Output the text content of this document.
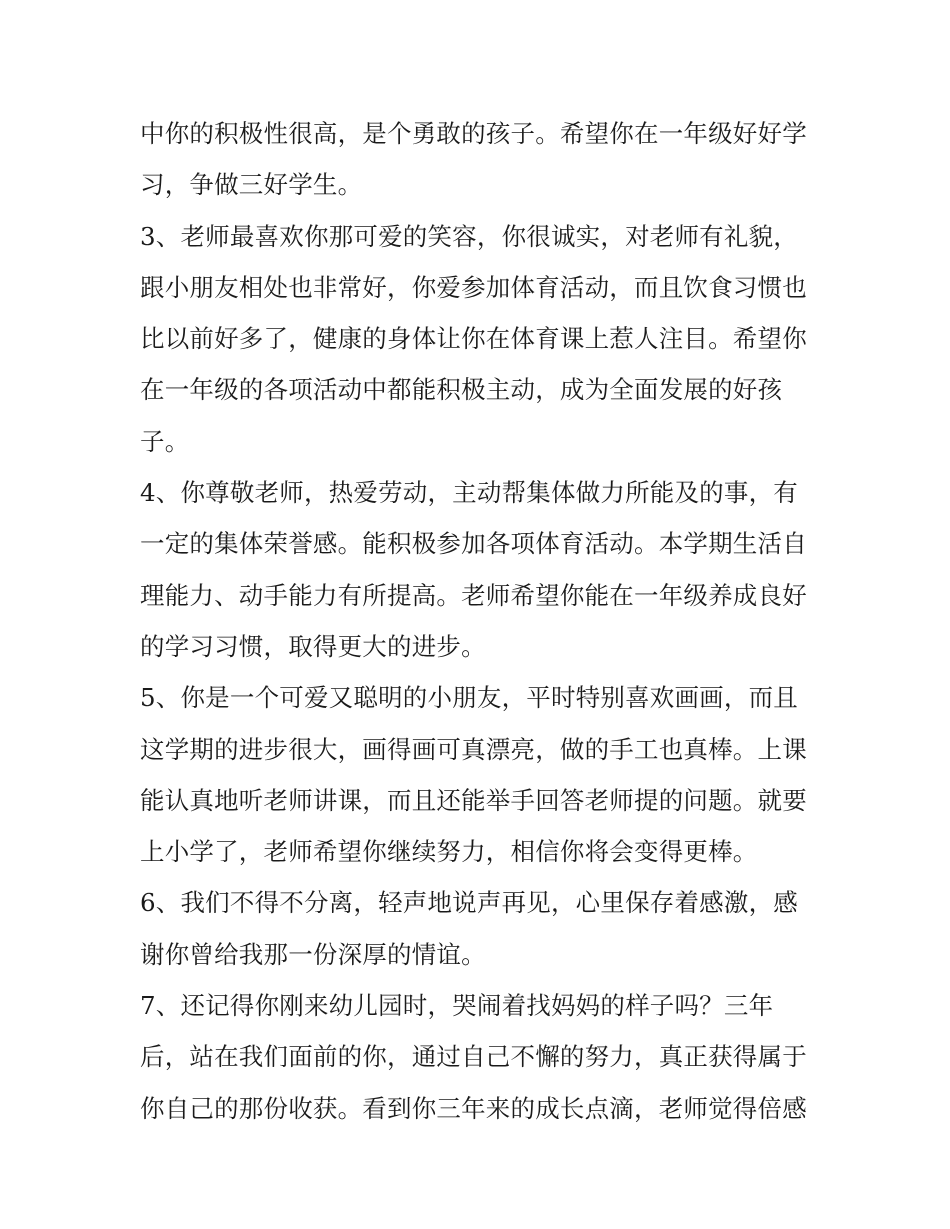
中你的积极性很高，是个勇敢的孩子。希望你在一年级好好学
习，争做三好学生。
3、老师最喜欢你那可爱的笑容，你很诚实，对老师有礼貌，
跟小朋友相处也非常好，你爱参加体育活动，而且饮食习惯也
比以前好多了，健康的身体让你在体育课上惹人注目。希望你
在一年级的各项活动中都能积极主动，成为全面发展的好孩
子。
4、你尊敬老师，热爱劳动，主动帮集体做力所能及的事，有
一定的集体荣誉感。能积极参加各项体育活动。本学期生活自
理能力、动手能力有所提高。老师希望你能在一年级养成良好
的学习习惯，取得更大的进步。
5、你是一个可爱又聪明的小朋友，平时特别喜欢画画，而且
这学期的进步很大，画得画可真漂亮，做的手工也真棒。上课
能认真地听老师讲课，而且还能举手回答老师提的问题。就要
上小学了，老师希望你继续努力，相信你将会变得更棒。
6、我们不得不分离，轻声地说声再见，心里保存着感激，感
谢你曾给我那一份深厚的情谊。
7、还记得你刚来幼儿园时，哭闹着找妈妈的样子吗？三年
后，站在我们面前的你，通过自己不懈的努力，真正获得属于
你自己的那份收获。看到你三年来的成长点滴，老师觉得倍感
